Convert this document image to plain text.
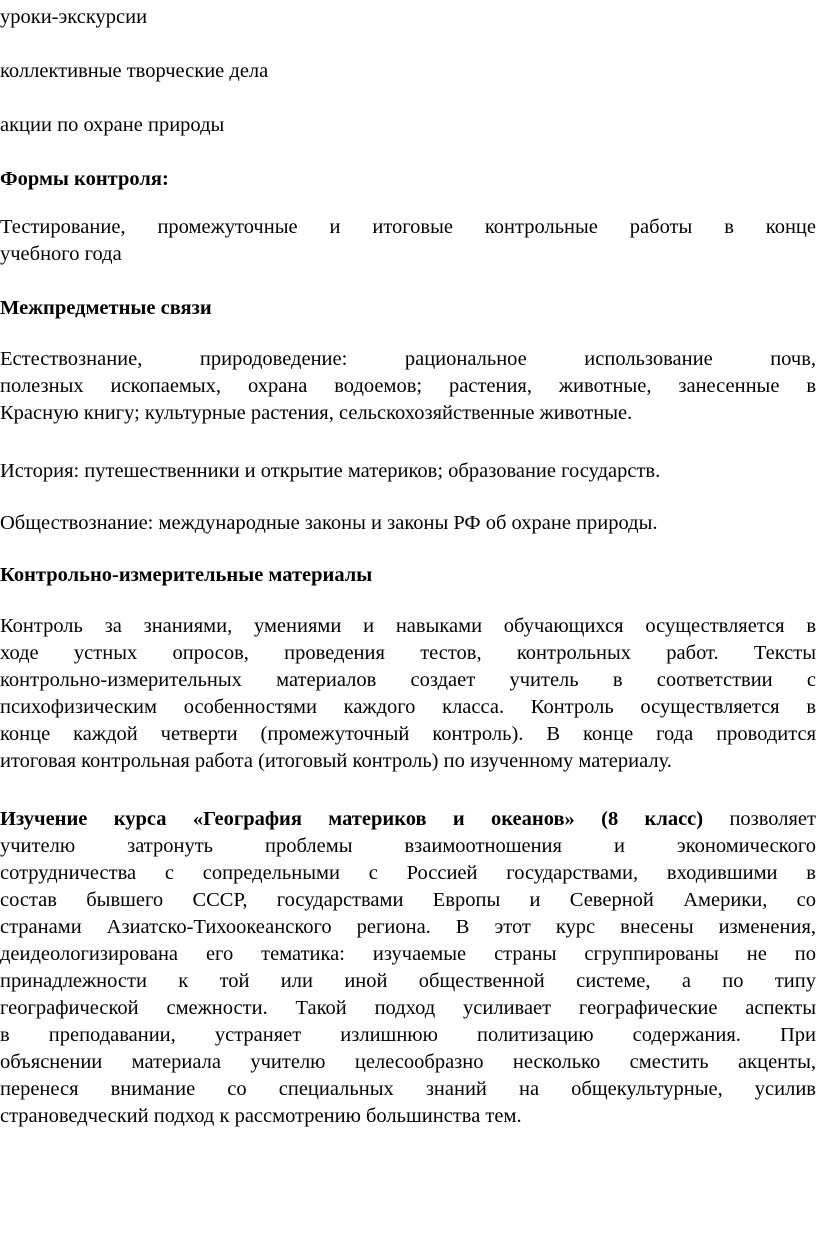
уроки-экскурсии
коллективные творческие дела
акции по охране природы
Формы контроля:
Тестирование, промежуточные и итоговые контрольные работы в конце
учебного года
Межпредметные связи
Естествознание, природоведение: рациональное использование почв,
полезных ископаемых, охрана водоемов; растения, животные, занесенные в
Красную книгу; культурные растения, сельскохозяйственные животные.
История: путешественники и открытие материков; образование государств.
Обществознание: международные законы и законы РФ об охране природы.
Контрольно-измерительные материалы
Контроль за знаниями, умениями и навыками обучающихся осуществляется в
ходе устных опросов, проведения тестов, контрольных работ. Тексты
контрольно-измерительных материалов создает учитель в соответствии с
психофизическим особенностями каждого класса. Контроль осуществляется в
конце каждой четверти (промежуточный контроль). В конце года проводится
итоговая контрольная работа (итоговый контроль) по изученному материалу.
Изучение курса «География материков и океанов» (8 класс) позволяет
учителю затронуть проблемы взаимоотношения и экономического
сотрудничества с сопредельными с Россией государствами, входившими в
состав бывшего СССР, государствами Европы и Северной Америки, со
странами Азиатско-Тихоокеанского региона. В этот курс внесены изменения,
деидеологизирована его тематика: изучаемые страны сгруппированы не по
принадлежности к той или иной общественной системе, а по типу
географической смежности. Такой подход усиливает географические аспекты
в преподавании, устраняет излишнюю политизацию содержания. При
объяснении материала учителю целесообразно несколько сместить акценты,
перенеся внимание со специальных знаний на общекультурные, усилив
страноведческий подход к рассмотрению большинства тем.
